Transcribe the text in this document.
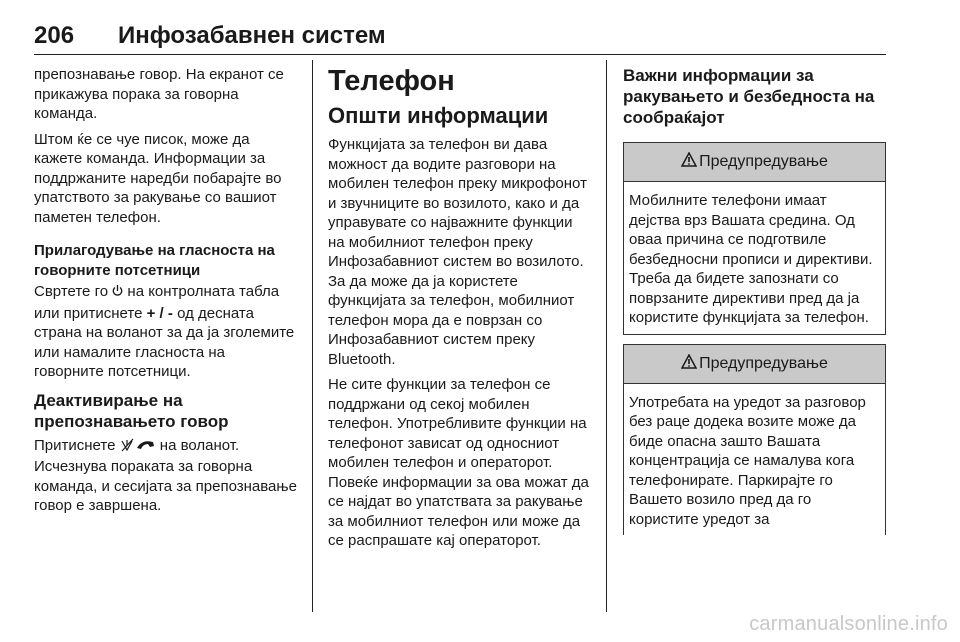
206 Инфозабавнен систем

препознавање говор. На екранот се прикажува порака за говорна команда.

Штом ќе се чуе писок, може да кажете команда. Информации за поддржаните наредби побарајте во упатството за ракување со вашиот паметен телефон.

Прилагодување на гласноста на говорните потсетници

Свртете го на контролната табла или притиснете + / - од десната страна на воланот за да ја зголемите или намалите гласноста на говорните потсетници.

Деактивирање на препознавањето говор

Притиснете	на воланот. Исчезнува пораката за говорна команда, и сесијата за препознавање говор е завршена.

Телефон
Општи информации

Функцијата за телефон ви дава можност да водите разговори на мобилен телефон преку микрофонот и звучниците во возилото, како и да управувате со најважните функции на мобилниот телефон преку Инфозабавниот систем во возилото. За да може да ја користете функцијата за телефон, мобилниот телефон мора да е поврзан со Инфозабавниот систем преку Bluetooth.

Не сите функции за телефон се поддржани од секој мобилен телефон. Употребливите функции на телефонот зависат од односниот мобилен телефон и операторот. Повеќе информации за ова можат да се најдат во упатствата за ракување за мобилниот телефон или може да се распрашате кај операторот.

Важни информации за ракувањето и безбедноста на сообраќајот
Предупредување

Мобилните телефони имаат дејства врз Вашата средина. Од оваа причина се подготвиле безбедносни прописи и директиви. Треба да бидете запознати со поврзаните директиви пред да ја користите функцијата за телефон.

Предупредување

Употребата на уредот за разговор без раце додека возите може да биде опасна зашто Вашата концентрација се намалува кога телефонирате. Паркирајте го Вашето возило пред да го користите уредот за

carmanualsonline.info
